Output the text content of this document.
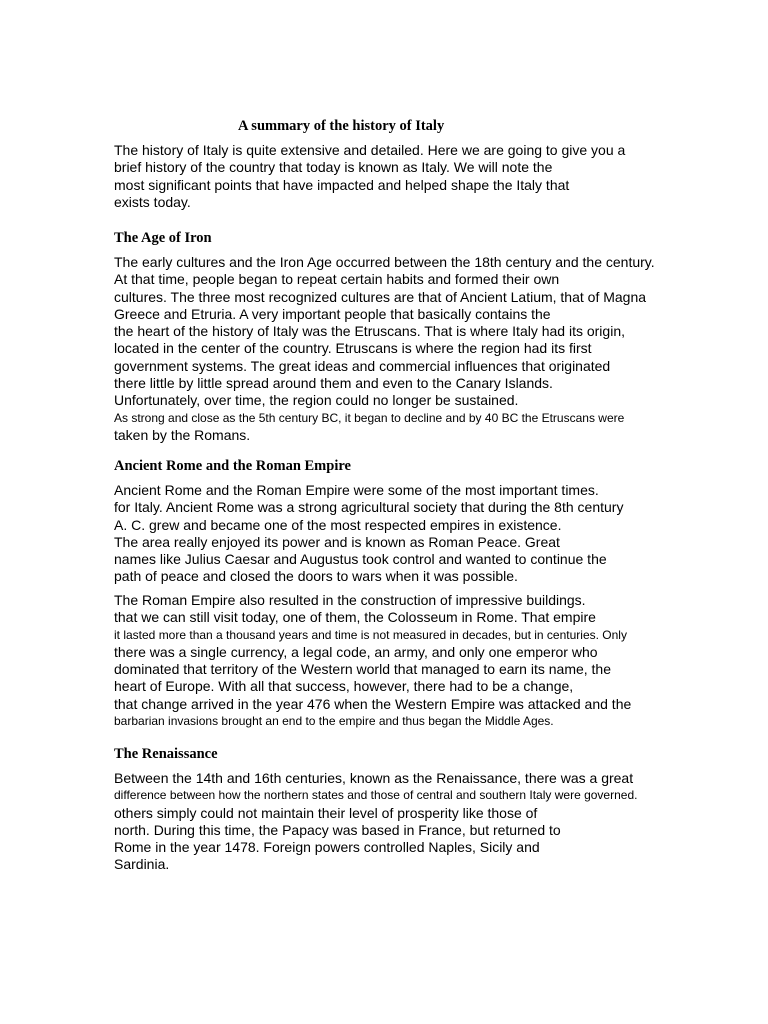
A summary of the history of Italy
The history of Italy is quite extensive and detailed. Here we are going to give you a
brief history of the country that today is known as Italy. We will note the
most significant points that have impacted and helped shape the Italy that
exists today.
The Age of Iron
The early cultures and the Iron Age occurred between the 18th century and the century.
At that time, people began to repeat certain habits and formed their own
cultures. The three most recognized cultures are that of Ancient Latium, that of Magna
Greece and Etruria. A very important people that basically contains the
the heart of the history of Italy was the Etruscans. That is where Italy had its origin,
located in the center of the country. Etruscans is where the region had its first
government systems. The great ideas and commercial influences that originated
there little by little spread around them and even to the Canary Islands.
Unfortunately, over time, the region could no longer be sustained.
As strong and close as the 5th century BC, it began to decline and by 40 BC the Etruscans were
taken by the Romans.
Ancient Rome and the Roman Empire
Ancient Rome and the Roman Empire were some of the most important times.
for Italy. Ancient Rome was a strong agricultural society that during the 8th century
A. C. grew and became one of the most respected empires in existence.
The area really enjoyed its power and is known as Roman Peace. Great
names like Julius Caesar and Augustus took control and wanted to continue the
path of peace and closed the doors to wars when it was possible.
The Roman Empire also resulted in the construction of impressive buildings.
that we can still visit today, one of them, the Colosseum in Rome. That empire
it lasted more than a thousand years and time is not measured in decades, but in centuries. Only
there was a single currency, a legal code, an army, and only one emperor who
dominated that territory of the Western world that managed to earn its name, the
heart of Europe. With all that success, however, there had to be a change,
that change arrived in the year 476 when the Western Empire was attacked and the
barbarian invasions brought an end to the empire and thus began the Middle Ages.
The Renaissance
Between the 14th and 16th centuries, known as the Renaissance, there was a great
difference between how the northern states and those of central and southern Italy were governed.
others simply could not maintain their level of prosperity like those of
north. During this time, the Papacy was based in France, but returned to
Rome in the year 1478. Foreign powers controlled Naples, Sicily and
Sardinia.
